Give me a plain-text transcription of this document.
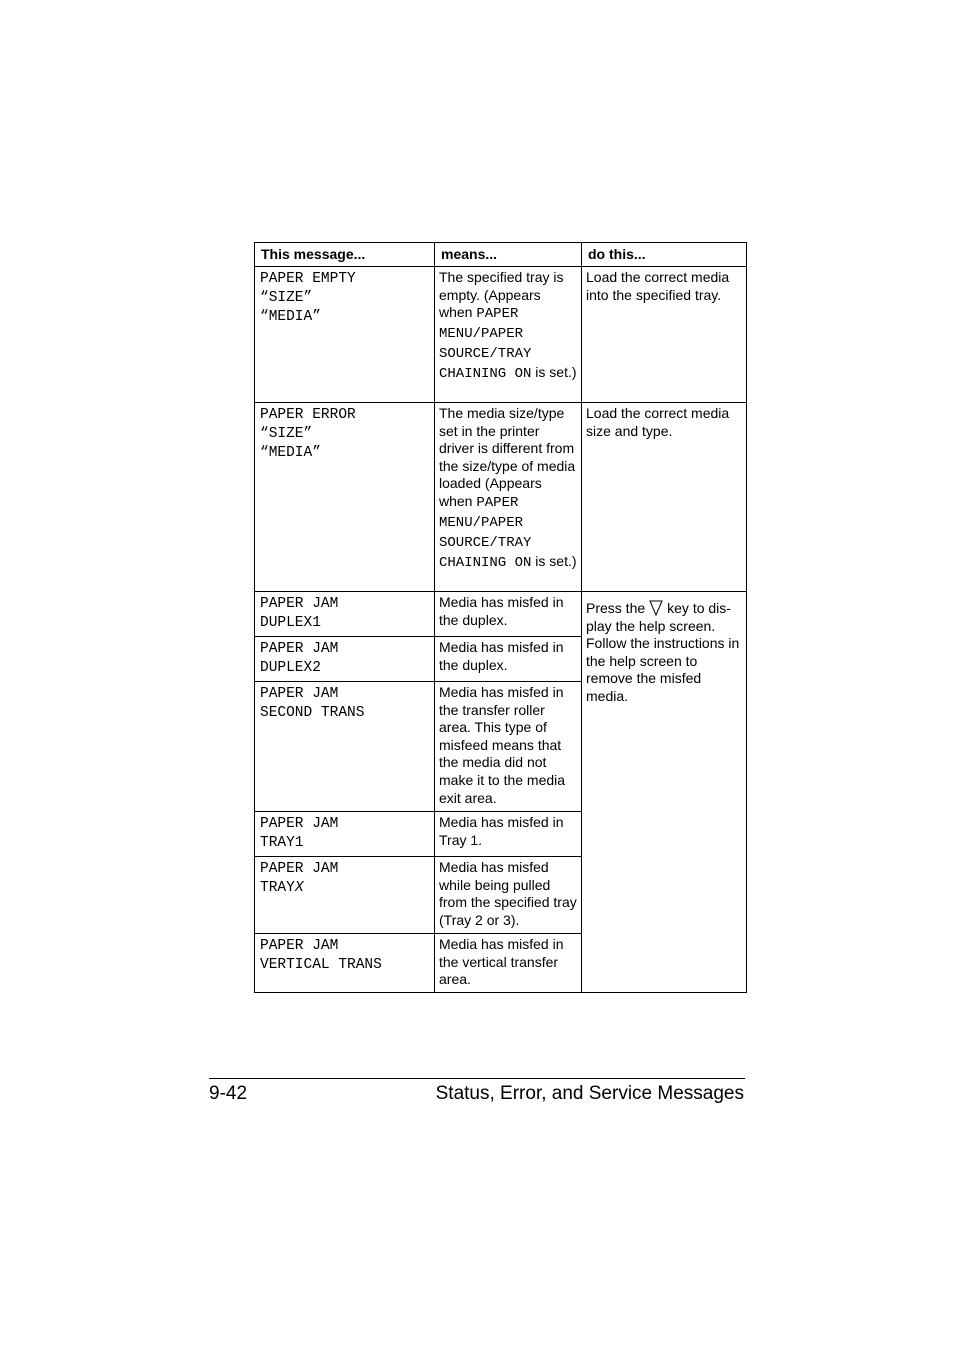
This message...	means...	do this...

PAPER EMPTY
“SIZE”
“MEDIA”	The specified tray is empty. (Appears when PAPER MENU/PAPER SOURCE/TRAY CHAINING ON is set.)	Load the correct media into the specified tray.

PAPER ERROR
“SIZE”
“MEDIA”	The media size/type set in the printer driver is different from the size/type of media loaded (Appears when PAPER MENU/PAPER SOURCE/TRAY CHAINING ON is set.)	Load the correct media size and type.

PAPER JAM
DUPLEX1	Media has misfed in the duplex.	Press the key to dis-play the help screen. Follow the instructions in the help screen to remove the misfed media.

PAPER JAM
DUPLEX2	Media has misfed in the duplex.	

PAPER JAM
SECOND TRANS	Media has misfed in the transfer roller area. This type of misfeed means that the media did not make it to the media exit area.	

PAPER JAM
TRAY1	Media has misfed in Tray 1.	

PAPER JAM
TRAYX	Media has misfed while being pulled from the specified tray (Tray 2 or 3).	

PAPER JAM
VERTICAL TRANS	Media has misfed in the vertical transfer area.	
9-42	Status, Error, and Service Messages
